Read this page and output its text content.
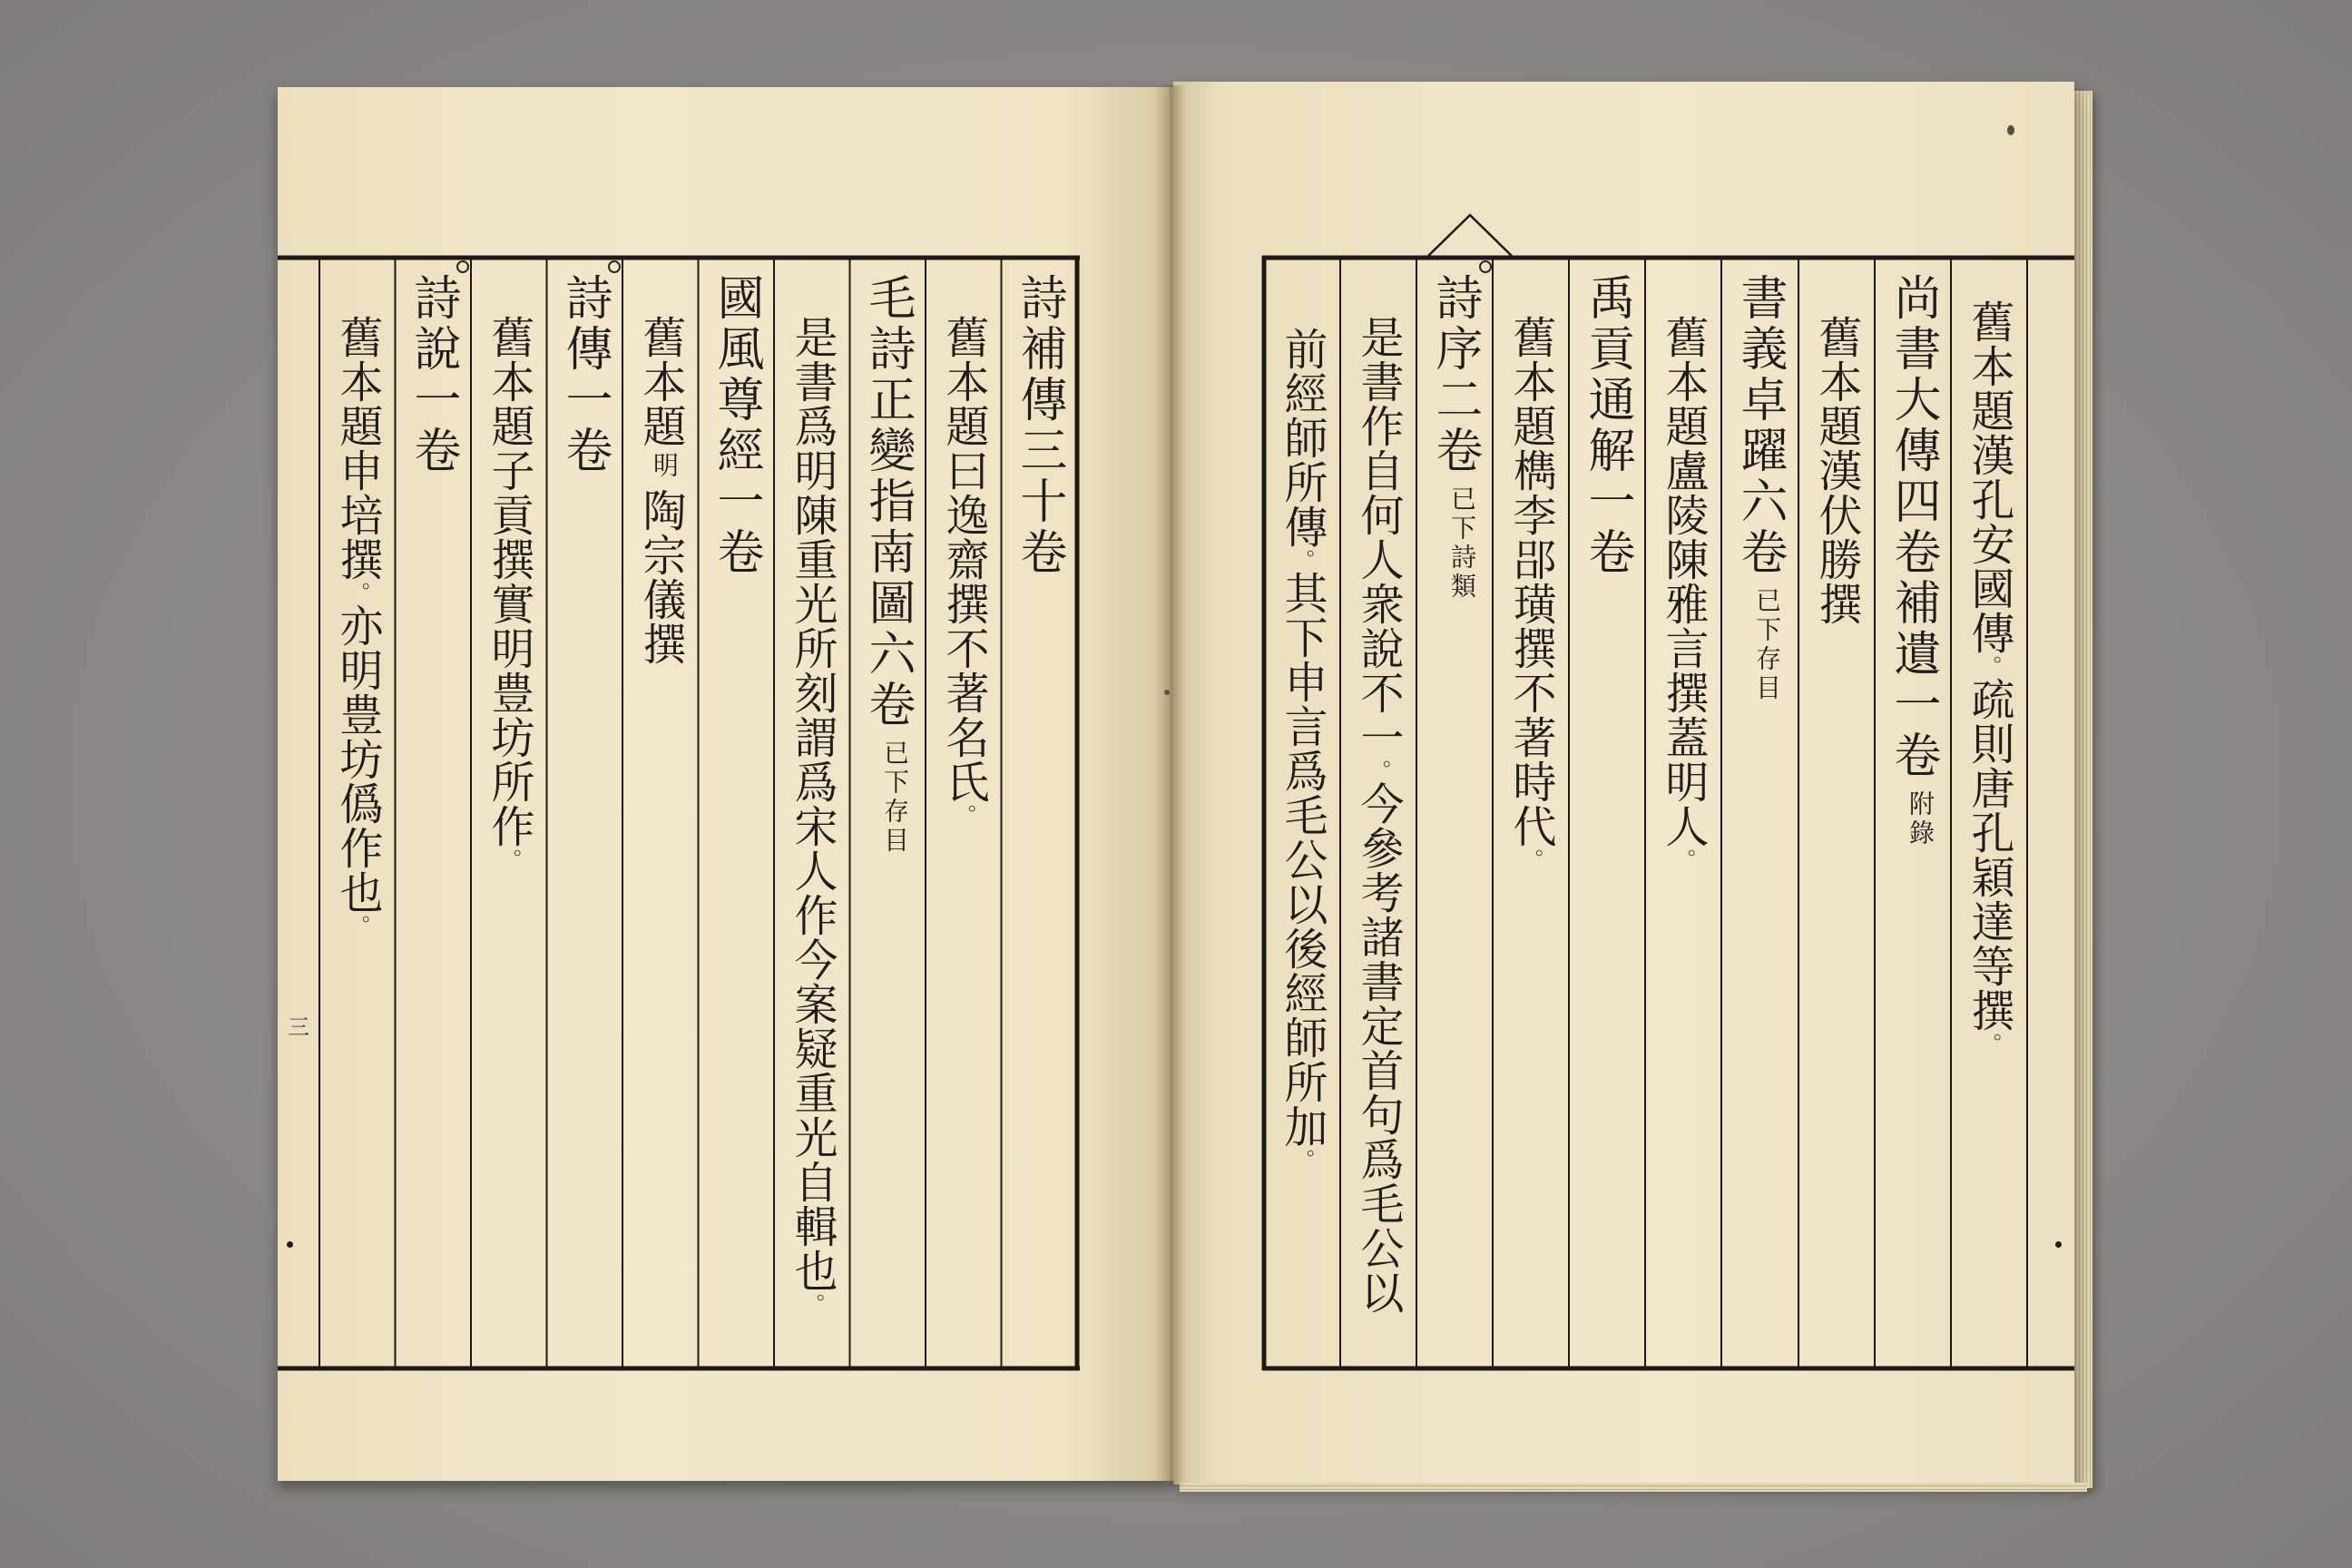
舊本題漢孔安國傳。疏則唐孔穎達等撰。
尚書大傳四卷補遺一卷附錄
舊本題漢伏勝撰
書義卓躍六卷已下存目
舊本題盧陵陳雅言撰蓋明人。
禹貢通解一卷
舊本題檇李郘璜撰不著時代。
詩序二卷已下詩類
是書作自何人衆說不一。今參考諸書定首句爲毛公以
前經師所傳。其下申言爲毛公以後經師所加。
詩補傳三十卷
舊本題曰逸齋撰不著名氏。
毛詩正變指南圖六卷已下存目
是書爲明陳重光所刻謂爲宋人作今案疑重光自輯也。
國風尊經一卷
舊本題明陶宗儀撰
詩傳一卷
舊本題子貢撰實明豊坊所作。
詩說一卷
舊本題申培撰。亦明豊坊僞作也。
三
